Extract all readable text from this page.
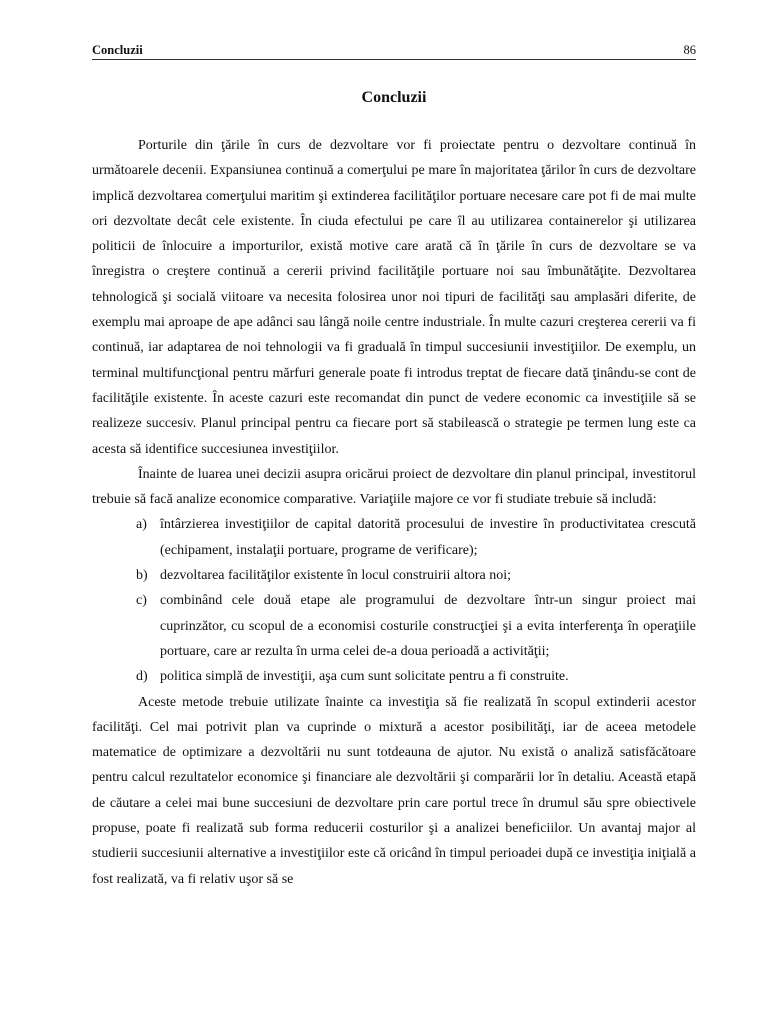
Concluzii	86
Concluzii

Porturile din ţările în curs de dezvoltare vor fi proiectate pentru o dezvoltare continuă în următoarele decenii. Expansiunea continuă a comerţului pe mare în majoritatea ţărilor în curs de dezvoltare implică dezvoltarea comerţului maritim şi extinderea facilităţilor portuare necesare care pot fi de mai multe ori dezvoltate decât cele existente. În ciuda efectului pe care îl au utilizarea containerelor şi utilizarea politicii de înlocuire a importurilor, există motive care arată că în ţările în curs de dezvoltare se va înregistra o creştere continuă a cererii privind facilităţile portuare noi sau îmbunătăţite. Dezvoltarea tehnologică şi socială viitoare va necesita folosirea unor noi tipuri de facilităţi sau amplasări diferite, de exemplu mai aproape de ape adânci sau lângă noile centre industriale. În multe cazuri creşterea cererii va fi continuă, iar adaptarea de noi tehnologii va fi graduală în timpul succesiunii investiţiilor. De exemplu, un terminal multifuncţional pentru mărfuri generale poate fi introdus treptat de fiecare dată ţinându-se cont de facilităţile existente. În aceste cazuri este recomandat din punct de vedere economic ca investiţiile să se realizeze succesiv. Planul principal pentru ca fiecare port să stabilească o strategie pe termen lung este ca acesta să identifice succesiunea investiţiilor.

Înainte de luarea unei decizii asupra oricărui proiect de dezvoltare din planul principal, investitorul trebuie să facă analize economice comparative. Variaţiile majore ce vor fi studiate trebuie să includă:

a) întârzierea investiţiilor de capital datorită procesului de investire în productivitatea crescută (echipament, instalaţii portuare, programe de verificare);
b) dezvoltarea facilităţilor existente în locul construirii altora noi;
c) combinând cele două etape ale programului de dezvoltare într-un singur proiect mai cuprinzător, cu scopul de a economisi costurile construcţiei şi a evita interferenţa în operaţiile portuare, care ar rezulta în urma celei de-a doua perioadă a activităţii;
d) politica simplă de investiţii, aşa cum sunt solicitate pentru a fi construite.

Aceste metode trebuie utilizate înainte ca investiţia să fie realizată în scopul extinderii acestor facilităţi. Cel mai potrivit plan va cuprinde o mixtură a acestor posibilităţi, iar de aceea metodele matematice de optimizare a dezvoltării nu sunt totdeauna de ajutor. Nu există o analiză satisfăcătoare pentru calcul rezultatelor economice şi financiare ale dezvoltării şi comparării lor în detaliu. Această etapă de căutare a celei mai bune succesiuni de dezvoltare prin care portul trece în drumul său spre obiectivele propuse, poate fi realizată sub forma reducerii costurilor şi a analizei beneficiilor. Un avantaj major al studierii succesiunii alternative a investiţiilor este că oricând în timpul perioadei după ce investiţia iniţială a fost realizată, va fi relativ uşor să se
